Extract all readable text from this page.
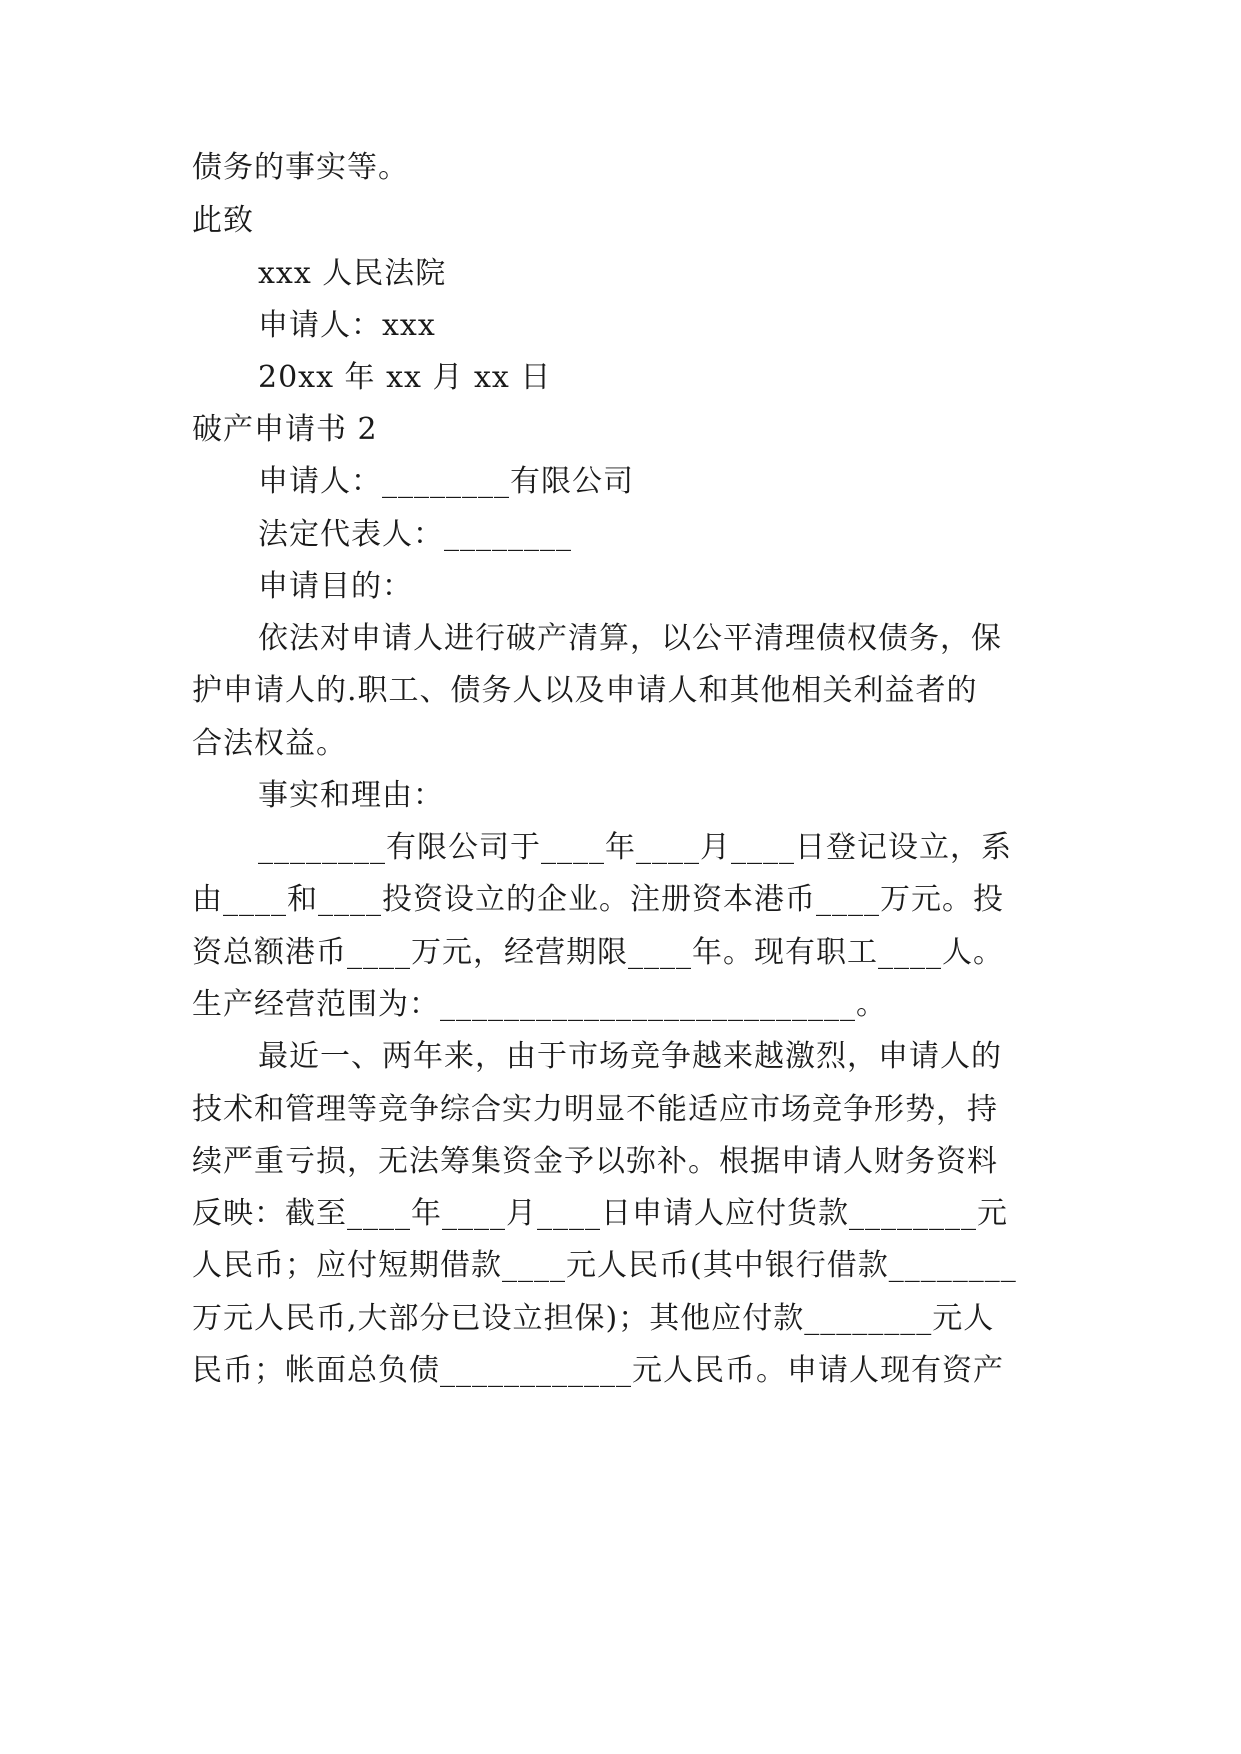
债务的事实等。
此致
xxx 人民法院
申请人：xxx
20xx 年 xx 月 xx 日
破产申请书 2
申请人：________有限公司
法定代表人：________
申请目的：
依法对申请人进行破产清算，以公平清理债权债务，保
护申请人的.职工、债务人以及申请人和其他相关利益者的
合法权益。
事实和理由：
________有限公司于____年____月____日登记设立，系
由____和____投资设立的企业。注册资本港币____万元。投
资总额港币____万元，经营期限____年。现有职工____人。
生产经营范围为：__________________________。
最近一、两年来，由于市场竞争越来越激烈，申请人的
技术和管理等竞争综合实力明显不能适应市场竞争形势，持
续严重亏损，无法筹集资金予以弥补。根据申请人财务资料
反映：截至____年____月____日申请人应付货款________元
人民币；应付短期借款____元人民币(其中银行借款________
万元人民币,大部分已设立担保)；其他应付款________元人
民币；帐面总负债____________元人民币。申请人现有资产
